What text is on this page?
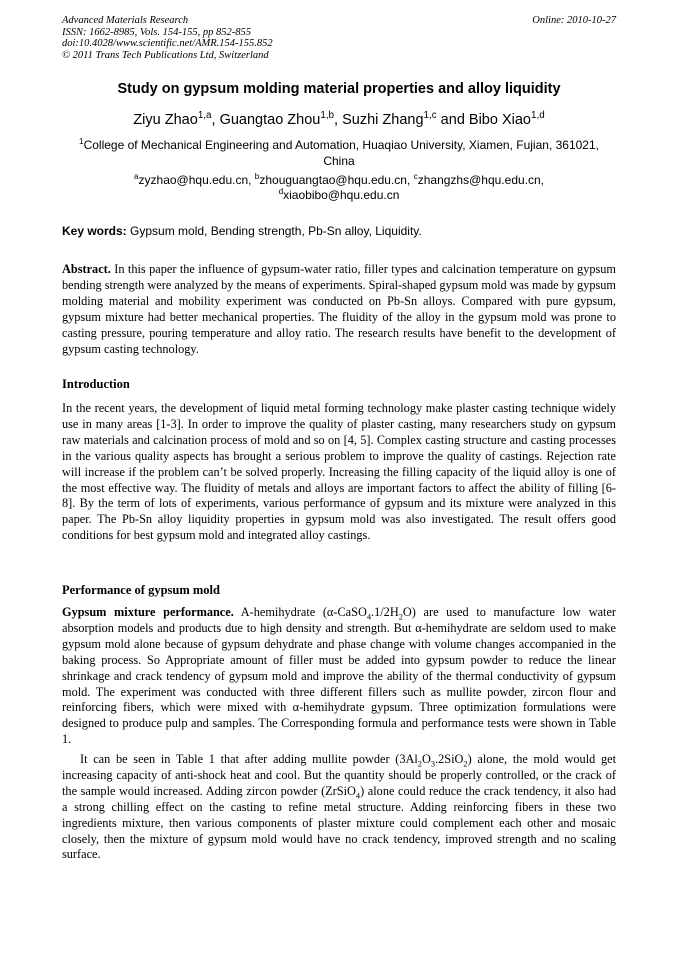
Advanced Materials Research
ISSN: 1662-8985, Vols. 154-155, pp 852-855
doi:10.4028/www.scientific.net/AMR.154-155.852
© 2011 Trans Tech Publications Ltd, Switzerland
Online: 2010-10-27
Study on gypsum molding material properties and alloy liquidity
Ziyu Zhao$^{1,a}$, Guangtao Zhou$^{1,b}$, Suzhi Zhang$^{1,c}$ and Bibo Xiao$^{1,d}$
$^1$College of Mechanical Engineering and Automation, Huaqiao University, Xiamen, Fujian, 361021,
China
$^a$zyzhao@hqu.edu.cn, $^b$zhouguangtao@hqu.edu.cn, $^c$zhangzhs@hqu.edu.cn,
$^d$xiaobibo@hqu.edu.cn
Key words: Gypsum mold, Bending strength, Pb-Sn alloy, Liquidity.
Abstract. In this paper the influence of gypsum-water ratio, filler types and calcination temperature on gypsum bending strength were analyzed by the means of experiments. Spiral-shaped gypsum mold was made by gypsum molding material and mobility experiment was conducted on Pb-Sn alloys. Compared with pure gypsum, gypsum mixture had better mechanical properties. The fluidity of the alloy in the gypsum mold was prone to casting pressure, pouring temperature and alloy ratio. The research results have benefit to the development of gypsum casting technology.
Introduction
In the recent years, the development of liquid metal forming technology make plaster casting technique widely use in many areas [1-3]. In order to improve the quality of plaster casting, many researchers study on gypsum raw materials and calcination process of mold and so on [4, 5]. Complex casting structure and casting processes in the various quality aspects has brought a serious problem to improve the quality of castings. Rejection rate will increase if the problem can’t be solved properly. Increasing the filling capacity of the liquid alloy is one of the most effective way. The fluidity of metals and alloys are important factors to affect the ability of filling [6-8]. By the term of lots of experiments, various performance of gypsum and its mixture were analyzed in this paper. The Pb-Sn alloy liquidity properties in gypsum mold was also investigated. The result offers good conditions for best gypsum mold and integrated alloy castings.
Performance of gypsum mold
Gypsum mixture performance. A-hemihydrate $(\alpha-CaSO_4.1/2H_2O)$ are used to manufacture low water absorption models and products due to high density and strength. But α-hemihydrate are seldom used to make gypsum mold alone because of gypsum dehydrate and phase change with volume changes accompanied in the baking process. So Appropriate amount of filler must be added into gypsum powder to reduce the linear shrinkage and crack tendency of gypsum mold and improve the ability of the thermal conductivity of gypsum mold. The experiment was conducted with three different fillers such as mullite powder, zircon flour and reinforcing fibers, which were mixed with α-hemihydrate gypsum. Three optimization formulations were designed to produce pulp and samples. The Corresponding formula and performance tests were shown in Table 1.
It can be seen in Table 1 that after adding mullite powder $(3Al_2O_3.2SiO_2)$ alone, the mold would get increasing capacity of anti-shock heat and cool. But the quantity should be properly controlled, or the crack of the sample would increased. Adding zircon powder (ZrSiO$_4$) alone could reduce the crack tendency, it also had a strong chilling effect on the casting to refine metal structure. Adding reinforcing fibers in these two ingredients mixture, then various components of plaster mixture could complement each other and mosaic closely, then the mixture of gypsum mold would have no crack tendency, improved strength and no scaling surface.
